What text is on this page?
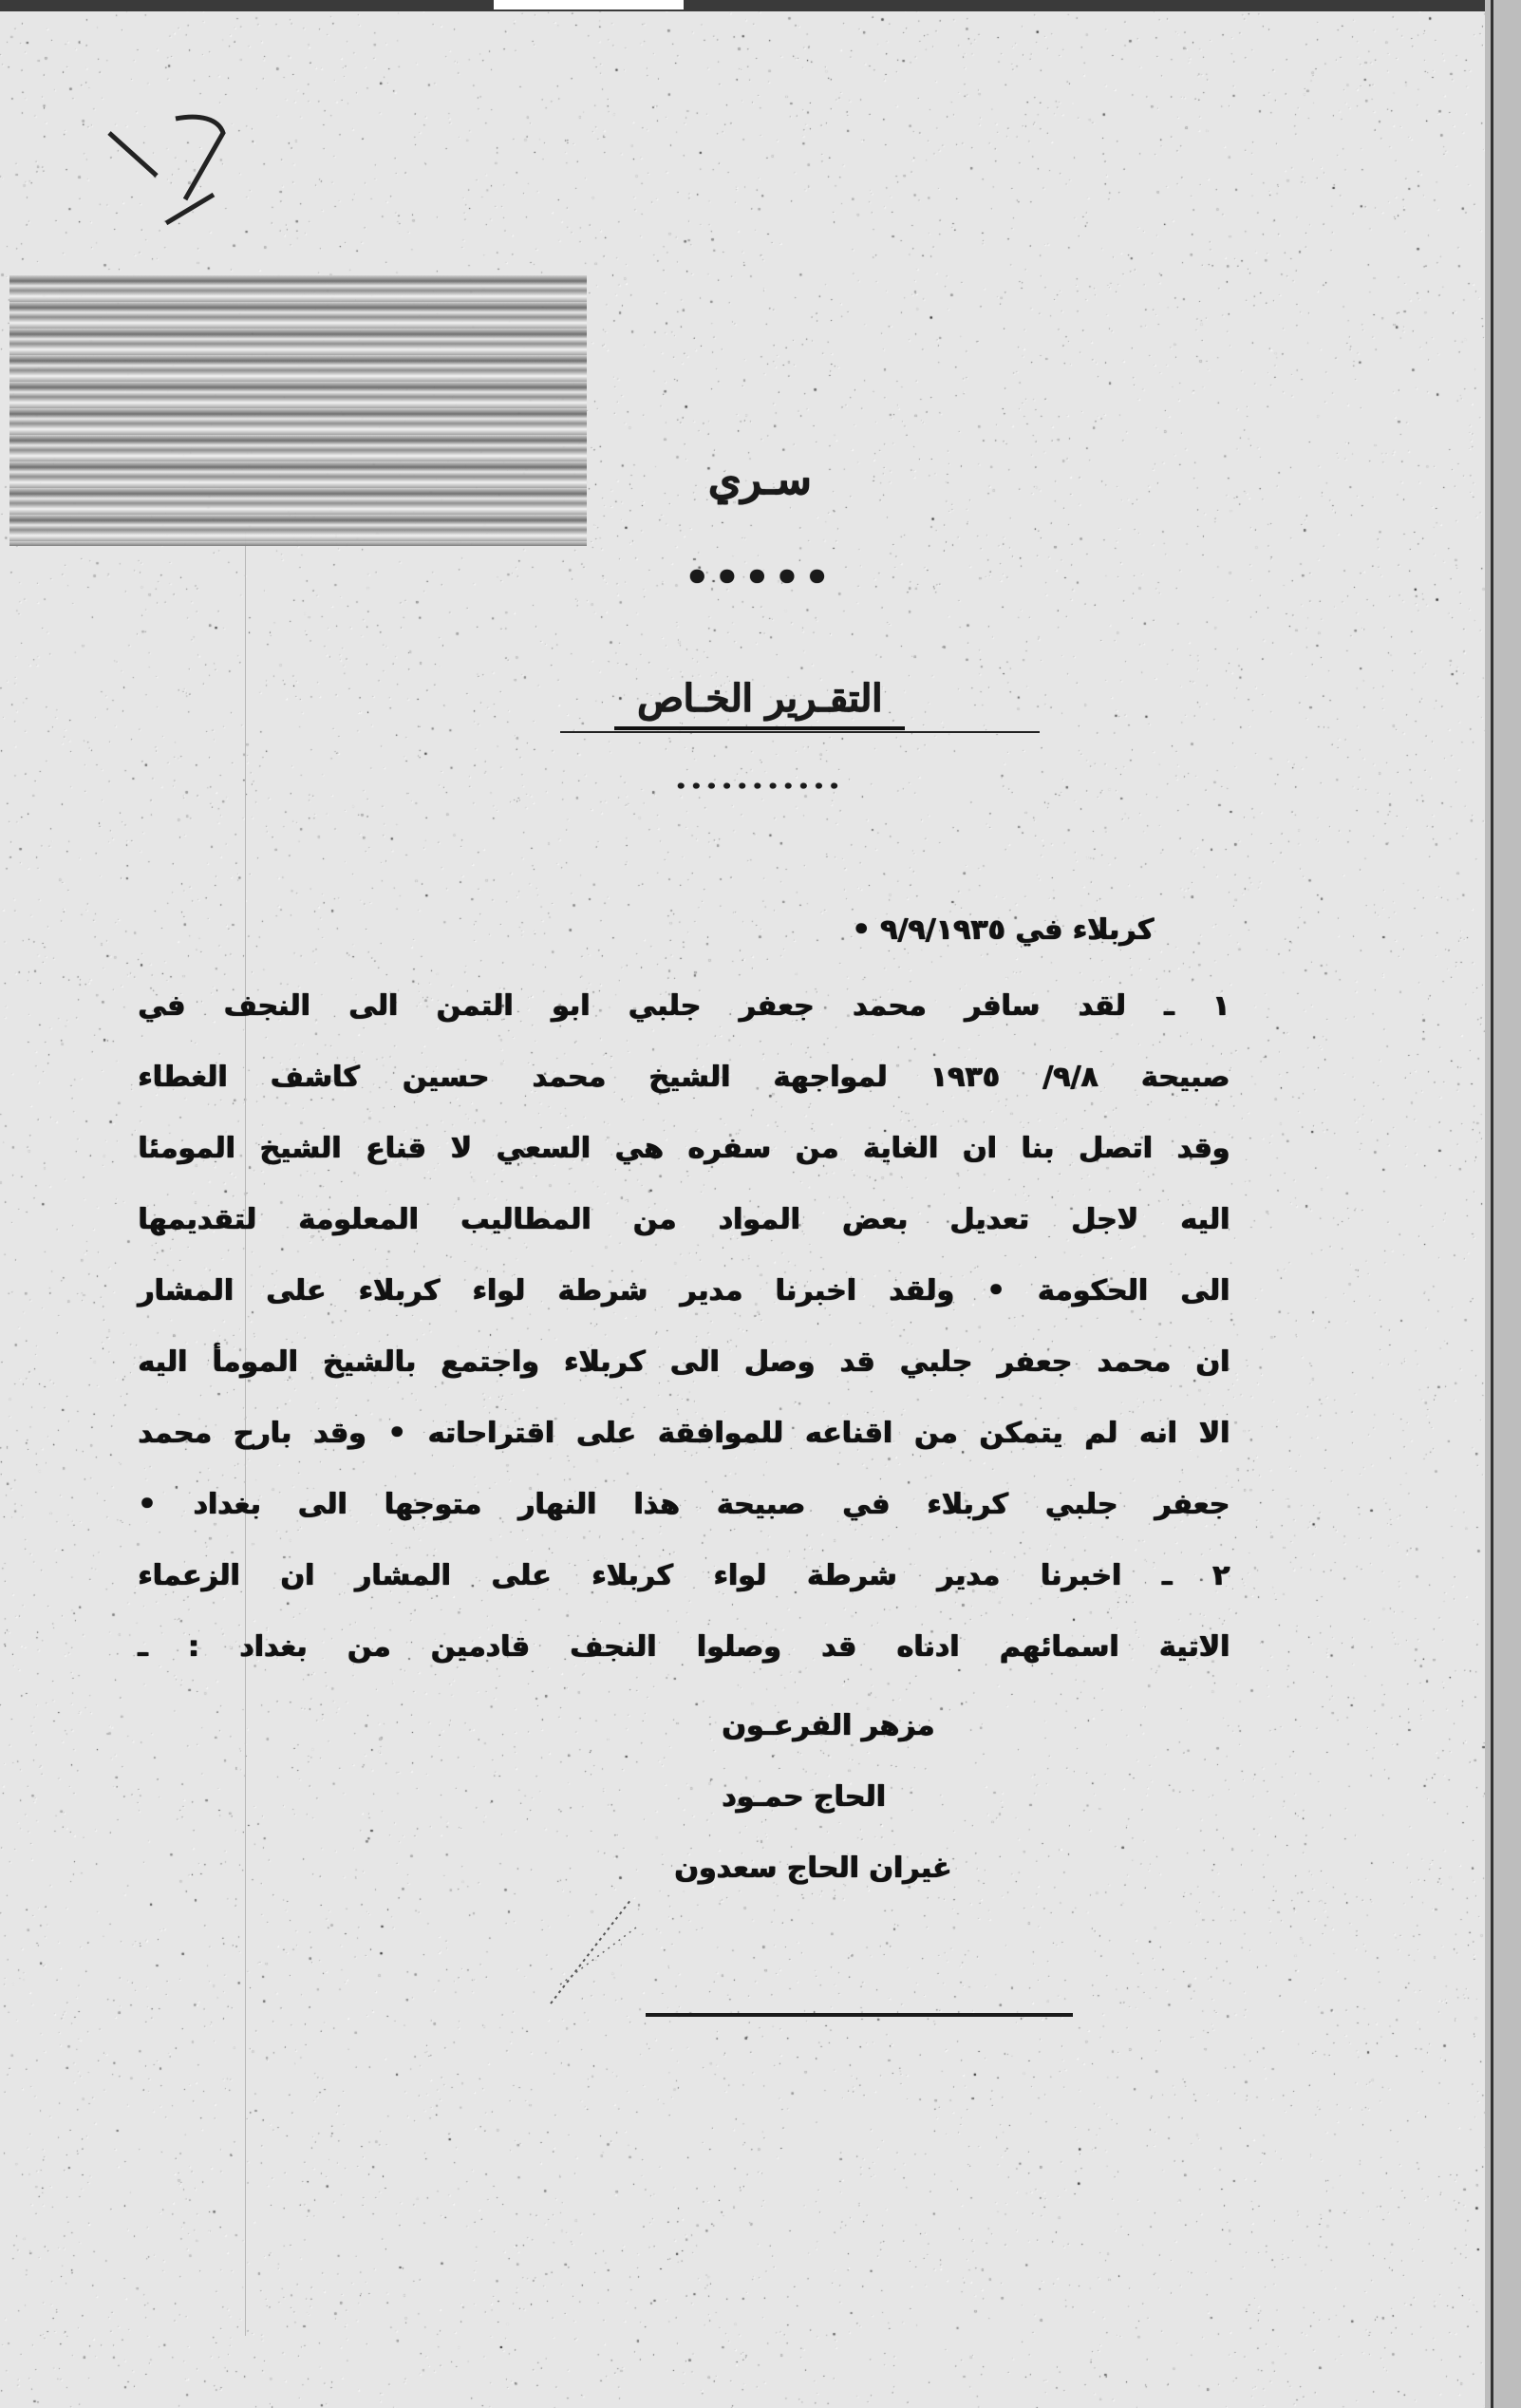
سـري
•••••
التقـرير الخـاص
...........
كربلاء في ٩/٩/١٩٣٥ •
١ ـ لقد سافر محمد جعفر جلبي ابو التمن الى النجف في
صبيحة ٩/٨/ ١٩٣٥ لمواجهة الشيخ محمد حسين كاشف الغطاء
وقد اتصل بنا ان الغاية من سفره هي السعي لا قناع الشيخ المومئا
اليه لاجل تعديل بعض المواد من المطاليب المعلومة لتقديمها
الى الحكومة • ولقد اخبرنا مدير شرطة لواء كربلاء على المشار
ان محمد جعفر جلبي قد وصل الى كربلاء واجتمع بالشيخ المومأ اليه
الا انه لم يتمكن من اقناعه للموافقة على اقتراحاته • وقد بارح محمد
جعفر جلبي كربلاء في صبيحة هذا النهار متوجها الى بغداد •
٢ ـ اخبرنا مدير شرطة لواء كربلاء على المشار ان الزعماء
الاتية اسمائهم ادناه قد وصلوا النجف قادمين من بغداد : ـ
مزهر الفرعـون
الحاج حمـود
غيران الحاج سعدون
